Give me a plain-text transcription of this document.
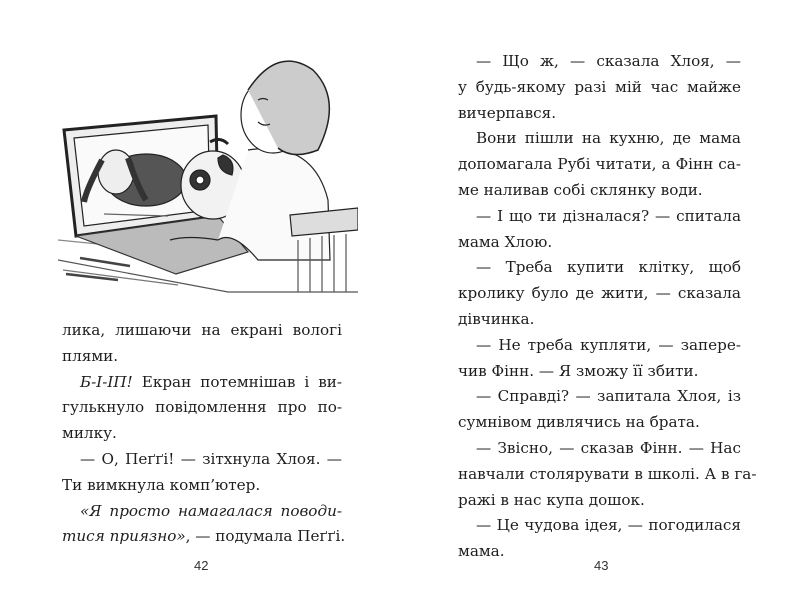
лика, лишаючи на екрані вологі
плями.
Б-І-ІП! Екран потемнішав і ви-
гулькнуло повідомлення про по-
милку.
— О, Пеґґі! — зітхнула Хлоя. —
Ти вимкнула комп’ютер.
«Я просто намагалася поводи-
тися приязно», — подумала Пеґґі.
42
— Що ж, — сказала Хлоя, —
у будь-якому разі мій час майже
вичерпався.
Вони пішли на кухню, де мама
допомагала Рубі читати, а Фінн са-
ме наливав собі склянку води.
— І що ти дізналася? — спитала
мама Хлою.
— Треба купити клітку, щоб
кролику було де жити, — сказала
дівчинка.
— Не треба купляти, — запере-
чив Фінн. — Я зможу її збити.
— Справді? — запитала Хлоя, із
сумнівом дивлячись на брата.
— Звісно, — сказав Фінн. — Нас
навчали столярувати в школі. А в га-
ражі в нас купа дошок.
— Це чудова ідея, — погодилася
мама.
43
